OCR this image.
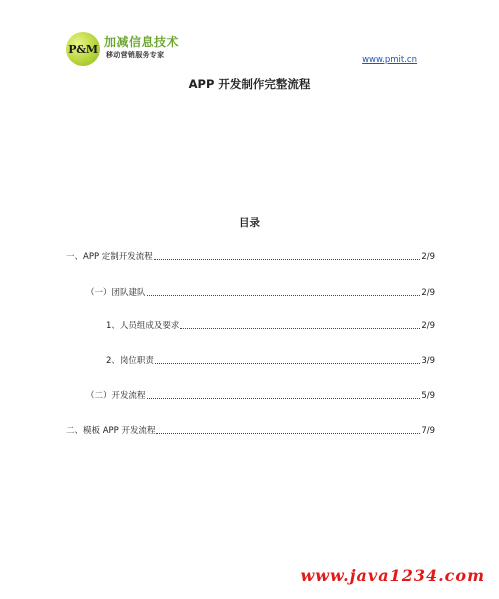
P&M 加减信息技术
移动营销服务专家	www.pmit.cn
APP 开发制作完整流程
目录
一、APP 定制开发流程	2/9
（一）团队建队	2/9
1、人员组成及要求	2/9
2、岗位职责	3/9
（二）开发流程	5/9
二、模板 APP 开发流程	7/9
www.java1234.com
